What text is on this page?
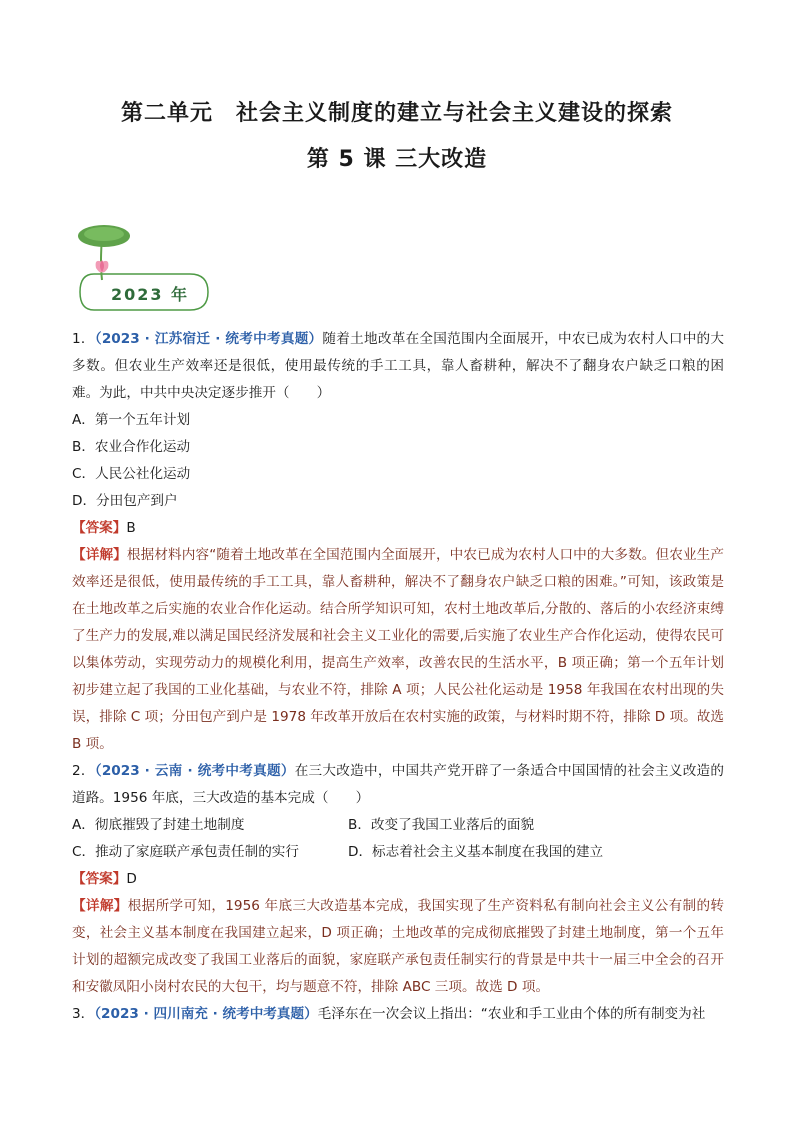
第二单元　社会主义制度的建立与社会主义建设的探索
第 5 课 三大改造
2023 年

1．（2023 · 江苏宿迁 · 统考中考真题）随着土地改革在全国范围内全面展开，中农已成为农村人口中的大多数。但农业生产效率还是很低，使用最传统的手工工具，靠人畜耕种，解决不了翻身农户缺乏口粮的困难。为此，中共中央决定逐步推开（　　）

A．第一个五年计划

B．农业合作化运动

C．人民公社化运动

D．分田包产到户

【答案】B

【详解】根据材料内容“随着土地改革在全国范围内全面展开，中农已成为农村人口中的大多数。但农业生产效率还是很低，使用最传统的手工工具，靠人畜耕种，解决不了翻身农户缺乏口粮的困难。”可知，该政策是在土地改革之后实施的农业合作化运动。结合所学知识可知，农村土地改革后,分散的、落后的小农经济束缚了生产力的发展,难以满足国民经济发展和社会主义工业化的需要,后实施了农业生产合作化运动，使得农民可以集体劳动，实现劳动力的规模化利用，提高生产效率，改善农民的生活水平，B 项正确；第一个五年计划初步建立起了我国的工业化基础，与农业不符，排除 A 项；人民公社化运动是 1958 年我国在农村出现的失误，排除 C 项；分田包产到户是 1978 年改革开放后在农村实施的政策，与材料时期不符，排除 D 项。故选 B 项。

2．（2023 · 云南 · 统考中考真题）在三大改造中，中国共产党开辟了一条适合中国国情的社会主义改造的道路。1956 年底，三大改造的基本完成（　　）

A．彻底摧毁了封建土地制度	B．改变了我国工业落后的面貌
C．推动了家庭联产承包责任制的实行	D．标志着社会主义基本制度在我国的建立

【答案】D

【详解】根据所学可知，1956 年底三大改造基本完成，我国实现了生产资料私有制向社会主义公有制的转变，社会主义基本制度在我国建立起来，D 项正确；土地改革的完成彻底摧毁了封建土地制度，第一个五年计划的超额完成改变了我国工业落后的面貌，家庭联产承包责任制实行的背景是中共十一届三中全会的召开和安徽凤阳小岗村农民的大包干，均与题意不符，排除 ABC 三项。故选 D 项。

3．（2023 · 四川南充 · 统考中考真题）毛泽东在一次会议上指出：“农业和手工业由个体的所有制变为社
